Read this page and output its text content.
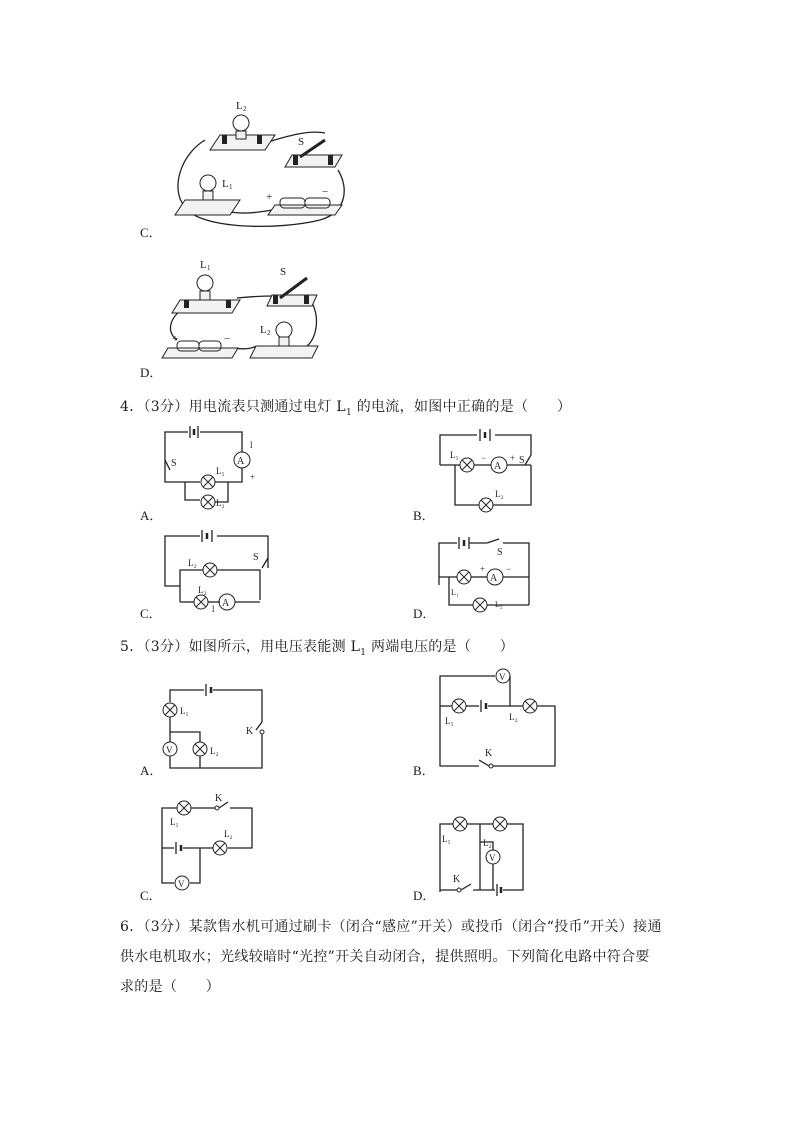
C．
L 2
S
L 1
+	−
D．
L 1	S
+	−
L 2
4．（3分）用电流表只测通过电灯 $L_1$ 的电流，如图中正确的是（　　）
A．
A
S
L₁
L₂
l
+
B．
S
A
L₁
L₂
−	+
C．
S
A
L₂
L₂
l	D．
S
A
L₁
L₂
+ −
5．（3分）如图所示，用电压表能测 $L_1$ 两端电压的是（　　）
A．
V
L₁
L₂
K
B．
V
L₁	L₂
K
C．
K
V
L₁
L₂
D．
V
K
L₁	L₂
6．（3分）某款售水机可通过刷卡（闭合“感应”开关）或投币（闭合“投币”开关）接通
供水电机取水；光线较暗时“光控”开关自动闭合，提供照明。下列简化电路中符合要
求的是（　　）
